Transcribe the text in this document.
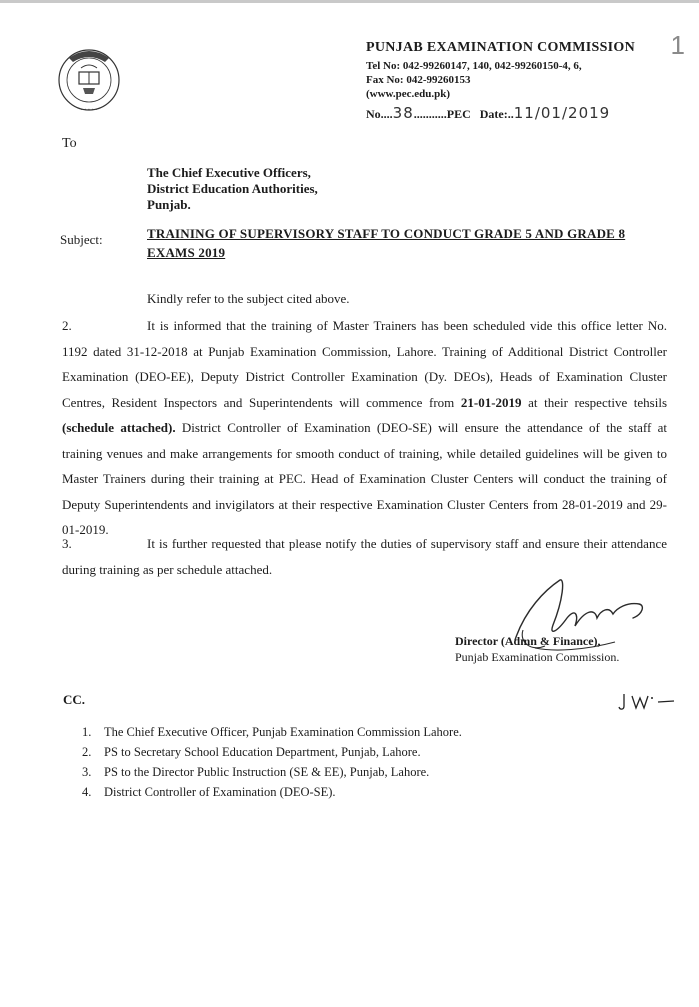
1
• • • • •
PUNJAB EXAMINATION COMMISSION
Tel No: 042-99260147, 140, 042-99260150-4, 6,
Fax No: 042-99260153
(www.pec.edu.pk)
No....38...........PEC Date:..11/01/2019
To
The Chief Executive Officers,
District Education Authorities,
Punjab.
Subject:	TRAINING OF SUPERVISORY STAFF TO CONDUCT GRADE 5 AND GRADE 8 EXAMS 2019
Kindly refer to the subject cited above.
2.	It is informed that the training of Master Trainers has been scheduled vide this office letter No. 1192 dated 31-12-2018 at Punjab Examination Commission, Lahore. Training of Additional District Controller Examination (DEO-EE), Deputy District Controller Examination (Dy. DEOs), Heads of Examination Cluster Centres, Resident Inspectors and Superintendents will commence from 21-01-2019 at their respective tehsils (schedule attached). District Controller of Examination (DEO-SE) will ensure the attendance of the staff at training venues and make arrangements for smooth conduct of training, while detailed guidelines will be given to Master Trainers during their training at PEC. Head of Examination Cluster Centers will conduct the training of Deputy Superintendents and invigilators at their respective Examination Cluster Centers from 28-01-2019 and 29-01-2019.
3.	It is further requested that please notify the duties of supervisory staff and ensure their attendance during training as per schedule attached.
Director (Admn & Finance),
Punjab Examination Commission.
CC.
1. The Chief Executive Officer, Punjab Examination Commission Lahore.
2. PS to Secretary School Education Department, Punjab, Lahore.
3. PS to the Director Public Instruction (SE & EE), Punjab, Lahore.
4. District Controller of Examination (DEO-SE).
